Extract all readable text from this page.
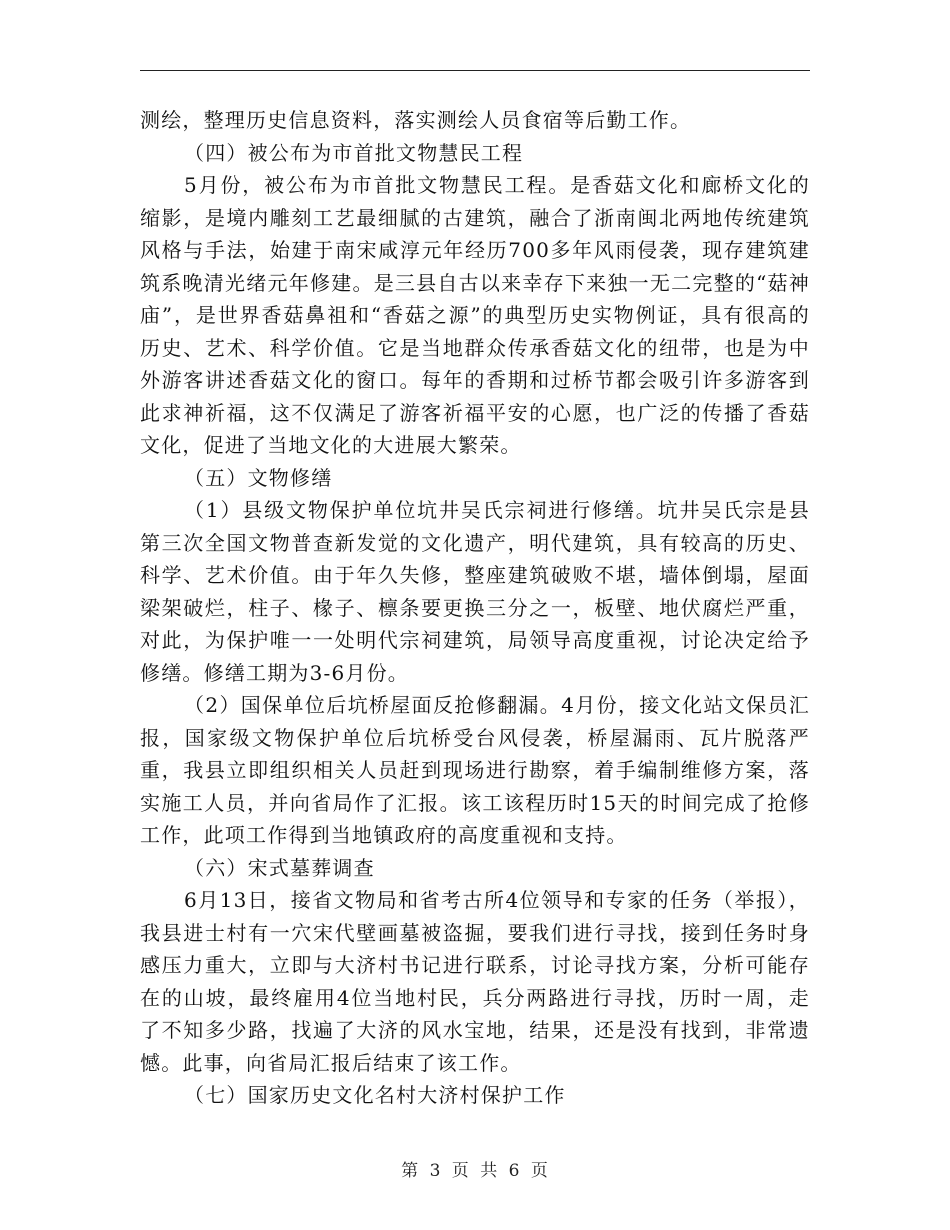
测绘，整理历史信息资料，落实测绘人员食宿等后勤工作。

（四）被公布为市首批文物慧民工程

5月份，被公布为市首批文物慧民工程。是香菇文化和廊桥文化的缩影，是境内雕刻工艺最细腻的古建筑，融合了浙南闽北两地传统建筑风格与手法，始建于南宋咸淳元年经历700多年风雨侵袭，现存建筑建筑系晚清光绪元年修建。是三县自古以来幸存下来独一无二完整的“菇神庙”，是世界香菇鼻祖和“香菇之源”的典型历史实物例证，具有很高的历史、艺术、科学价值。它是当地群众传承香菇文化的纽带，也是为中外游客讲述香菇文化的窗口。每年的香期和过桥节都会吸引许多游客到此求神祈福，这不仅满足了游客祈福平安的心愿，也广泛的传播了香菇文化，促进了当地文化的大进展大繁荣。

（五）文物修缮

（1）县级文物保护单位坑井吴氏宗祠进行修缮。坑井吴氏宗是县第三次全国文物普查新发觉的文化遗产，明代建筑，具有较高的历史、科学、艺术价值。由于年久失修，整座建筑破败不堪，墙体倒塌，屋面梁架破烂，柱子、椽子、檩条要更换三分之一，板壁、地伏腐烂严重，对此，为保护唯一一处明代宗祠建筑，局领导高度重视，讨论决定给予修缮。修缮工期为3-6月份。

（2）国保单位后坑桥屋面反抢修翻漏。4月份，接文化站文保员汇报，国家级文物保护单位后坑桥受台风侵袭，桥屋漏雨、瓦片脱落严重，我县立即组织相关人员赶到现场进行勘察，着手编制维修方案，落实施工人员，并向省局作了汇报。该工该程历时15天的时间完成了抢修工作，此项工作得到当地镇政府的高度重视和支持。

（六）宋式墓葬调查

6月13日，接省文物局和省考古所4位领导和专家的任务（举报），我县进士村有一穴宋代壁画墓被盗掘，要我们进行寻找，接到任务时身感压力重大，立即与大济村书记进行联系，讨论寻找方案，分析可能存在的山坡，最终雇用4位当地村民，兵分两路进行寻找，历时一周，走了不知多少路，找遍了大济的风水宝地，结果，还是没有找到，非常遗憾。此事，向省局汇报后结束了该工作。

（七）国家历史文化名村大济村保护工作

第 3 页 共 6 页
